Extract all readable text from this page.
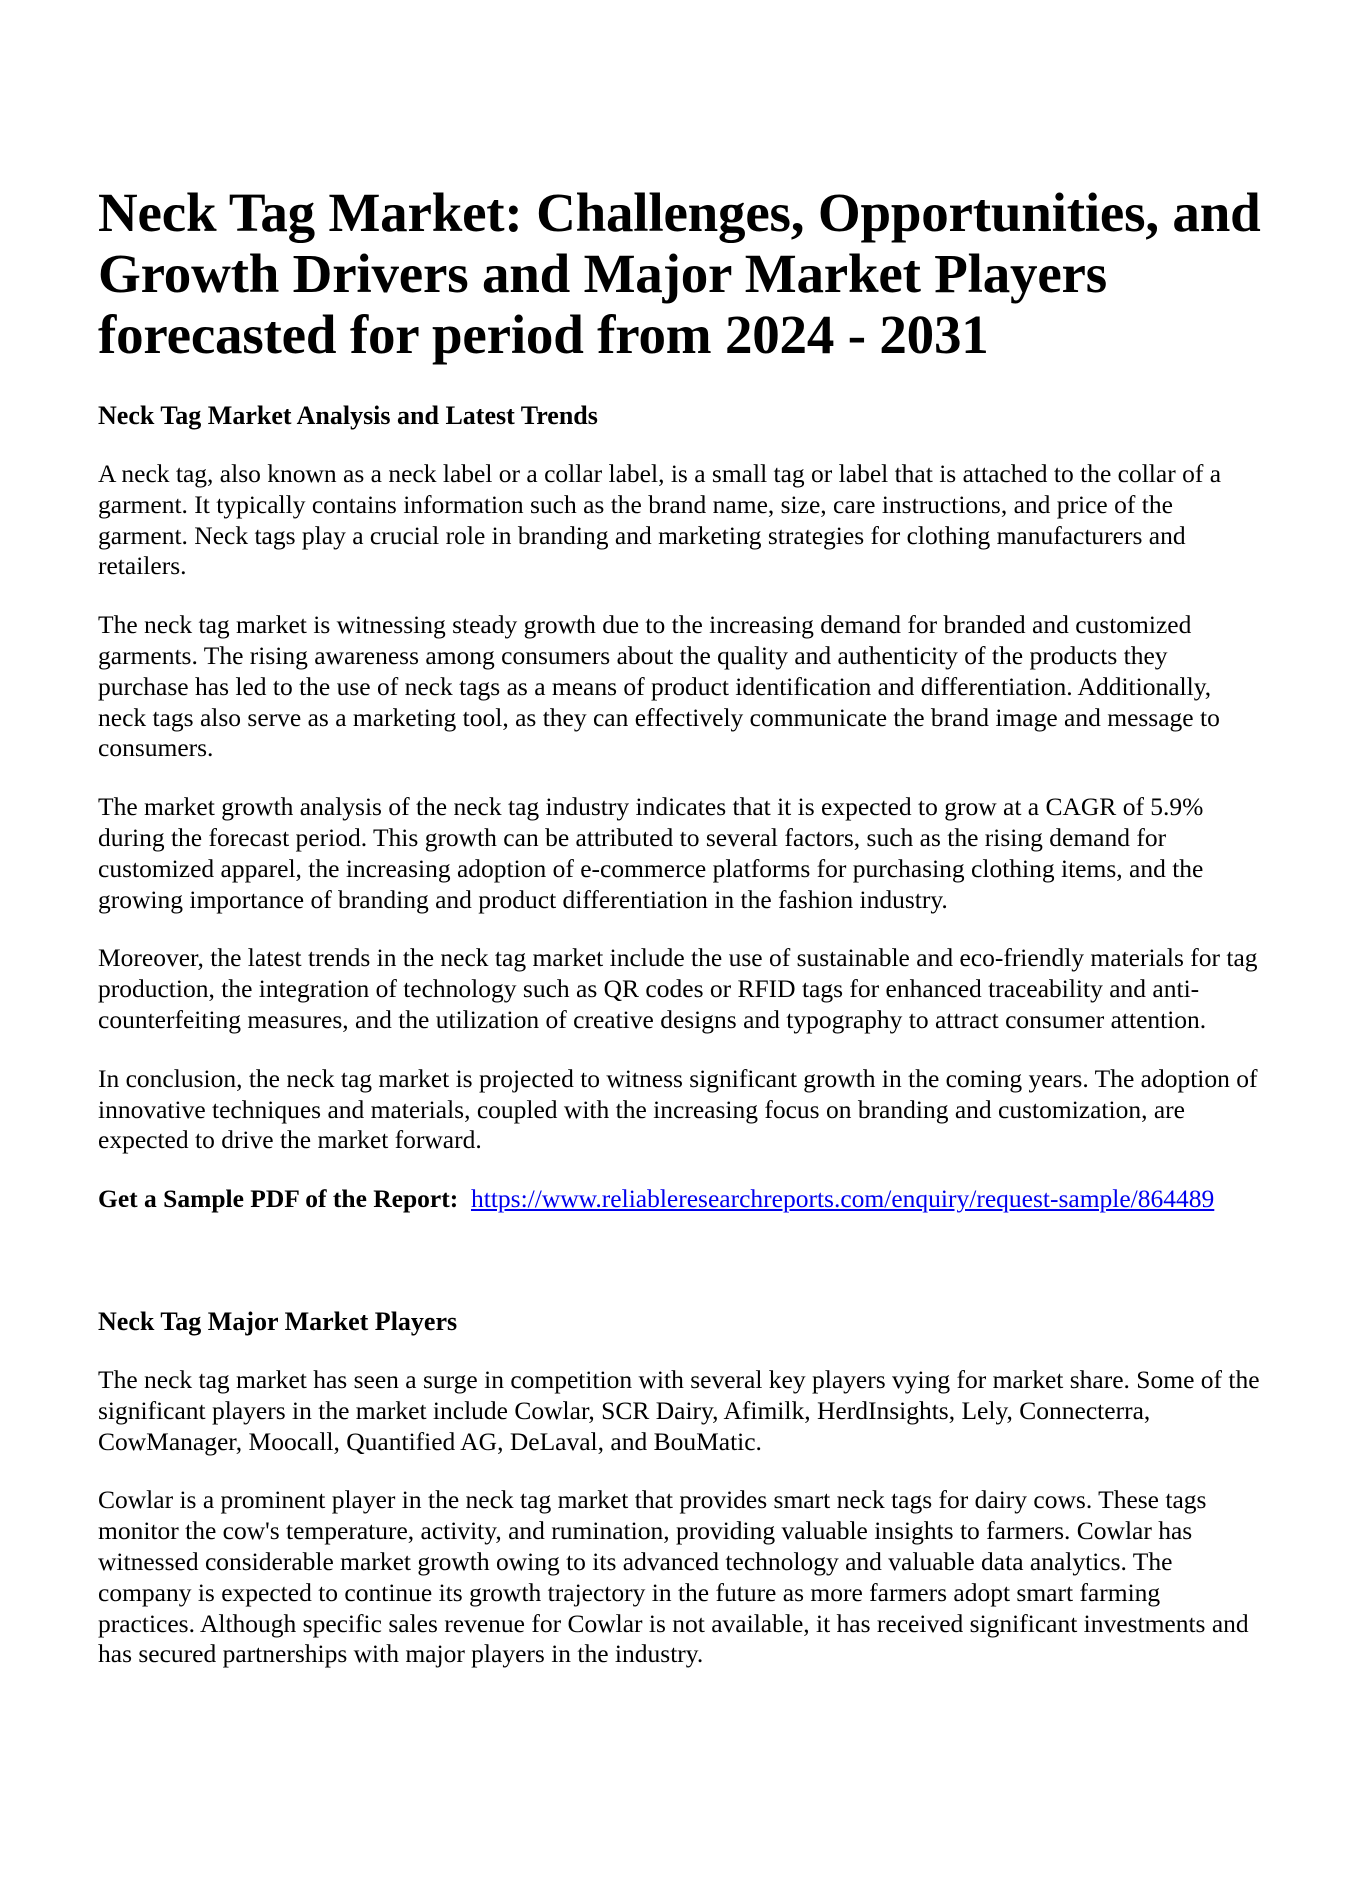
Neck Tag Market: Challenges, Opportunities, and Growth Drivers and Major Market Players forecasted for period from 2024 - 2031
Neck Tag Market Analysis and Latest Trends

A neck tag, also known as a neck label or a collar label, is a small tag or label that is attached to the collar of a garment. It typically contains information such as the brand name, size, care instructions, and price of the garment. Neck tags play a crucial role in branding and marketing strategies for clothing manufacturers and retailers.

The neck tag market is witnessing steady growth due to the increasing demand for branded and customized garments. The rising awareness among consumers about the quality and authenticity of the products they purchase has led to the use of neck tags as a means of product identification and differentiation. Additionally, neck tags also serve as a marketing tool, as they can effectively communicate the brand image and message to consumers.

The market growth analysis of the neck tag industry indicates that it is expected to grow at a CAGR of 5.9% during the forecast period. This growth can be attributed to several factors, such as the rising demand for customized apparel, the increasing adoption of e-commerce platforms for purchasing clothing items, and the growing importance of branding and product differentiation in the fashion industry.

Moreover, the latest trends in the neck tag market include the use of sustainable and eco-friendly materials for tag production, the integration of technology such as QR codes or RFID tags for enhanced traceability and anti-counterfeiting measures, and the utilization of creative designs and typography to attract consumer attention.

In conclusion, the neck tag market is projected to witness significant growth in the coming years. The adoption of innovative techniques and materials, coupled with the increasing focus on branding and customization, are expected to drive the market forward.

Get a Sample PDF of the Report: https://www.reliableresearchreports.com/enquiry/request-sample/864489

Neck Tag Major Market Players

The neck tag market has seen a surge in competition with several key players vying for market share. Some of the significant players in the market include Cowlar, SCR Dairy, Afimilk, HerdInsights, Lely, Connecterra, CowManager, Moocall, Quantified AG, DeLaval, and BouMatic.

Cowlar is a prominent player in the neck tag market that provides smart neck tags for dairy cows. These tags monitor the cow's temperature, activity, and rumination, providing valuable insights to farmers. Cowlar has witnessed considerable market growth owing to its advanced technology and valuable data analytics. The company is expected to continue its growth trajectory in the future as more farmers adopt smart farming practices. Although specific sales revenue for Cowlar is not available, it has received significant investments and has secured partnerships with major players in the industry.
